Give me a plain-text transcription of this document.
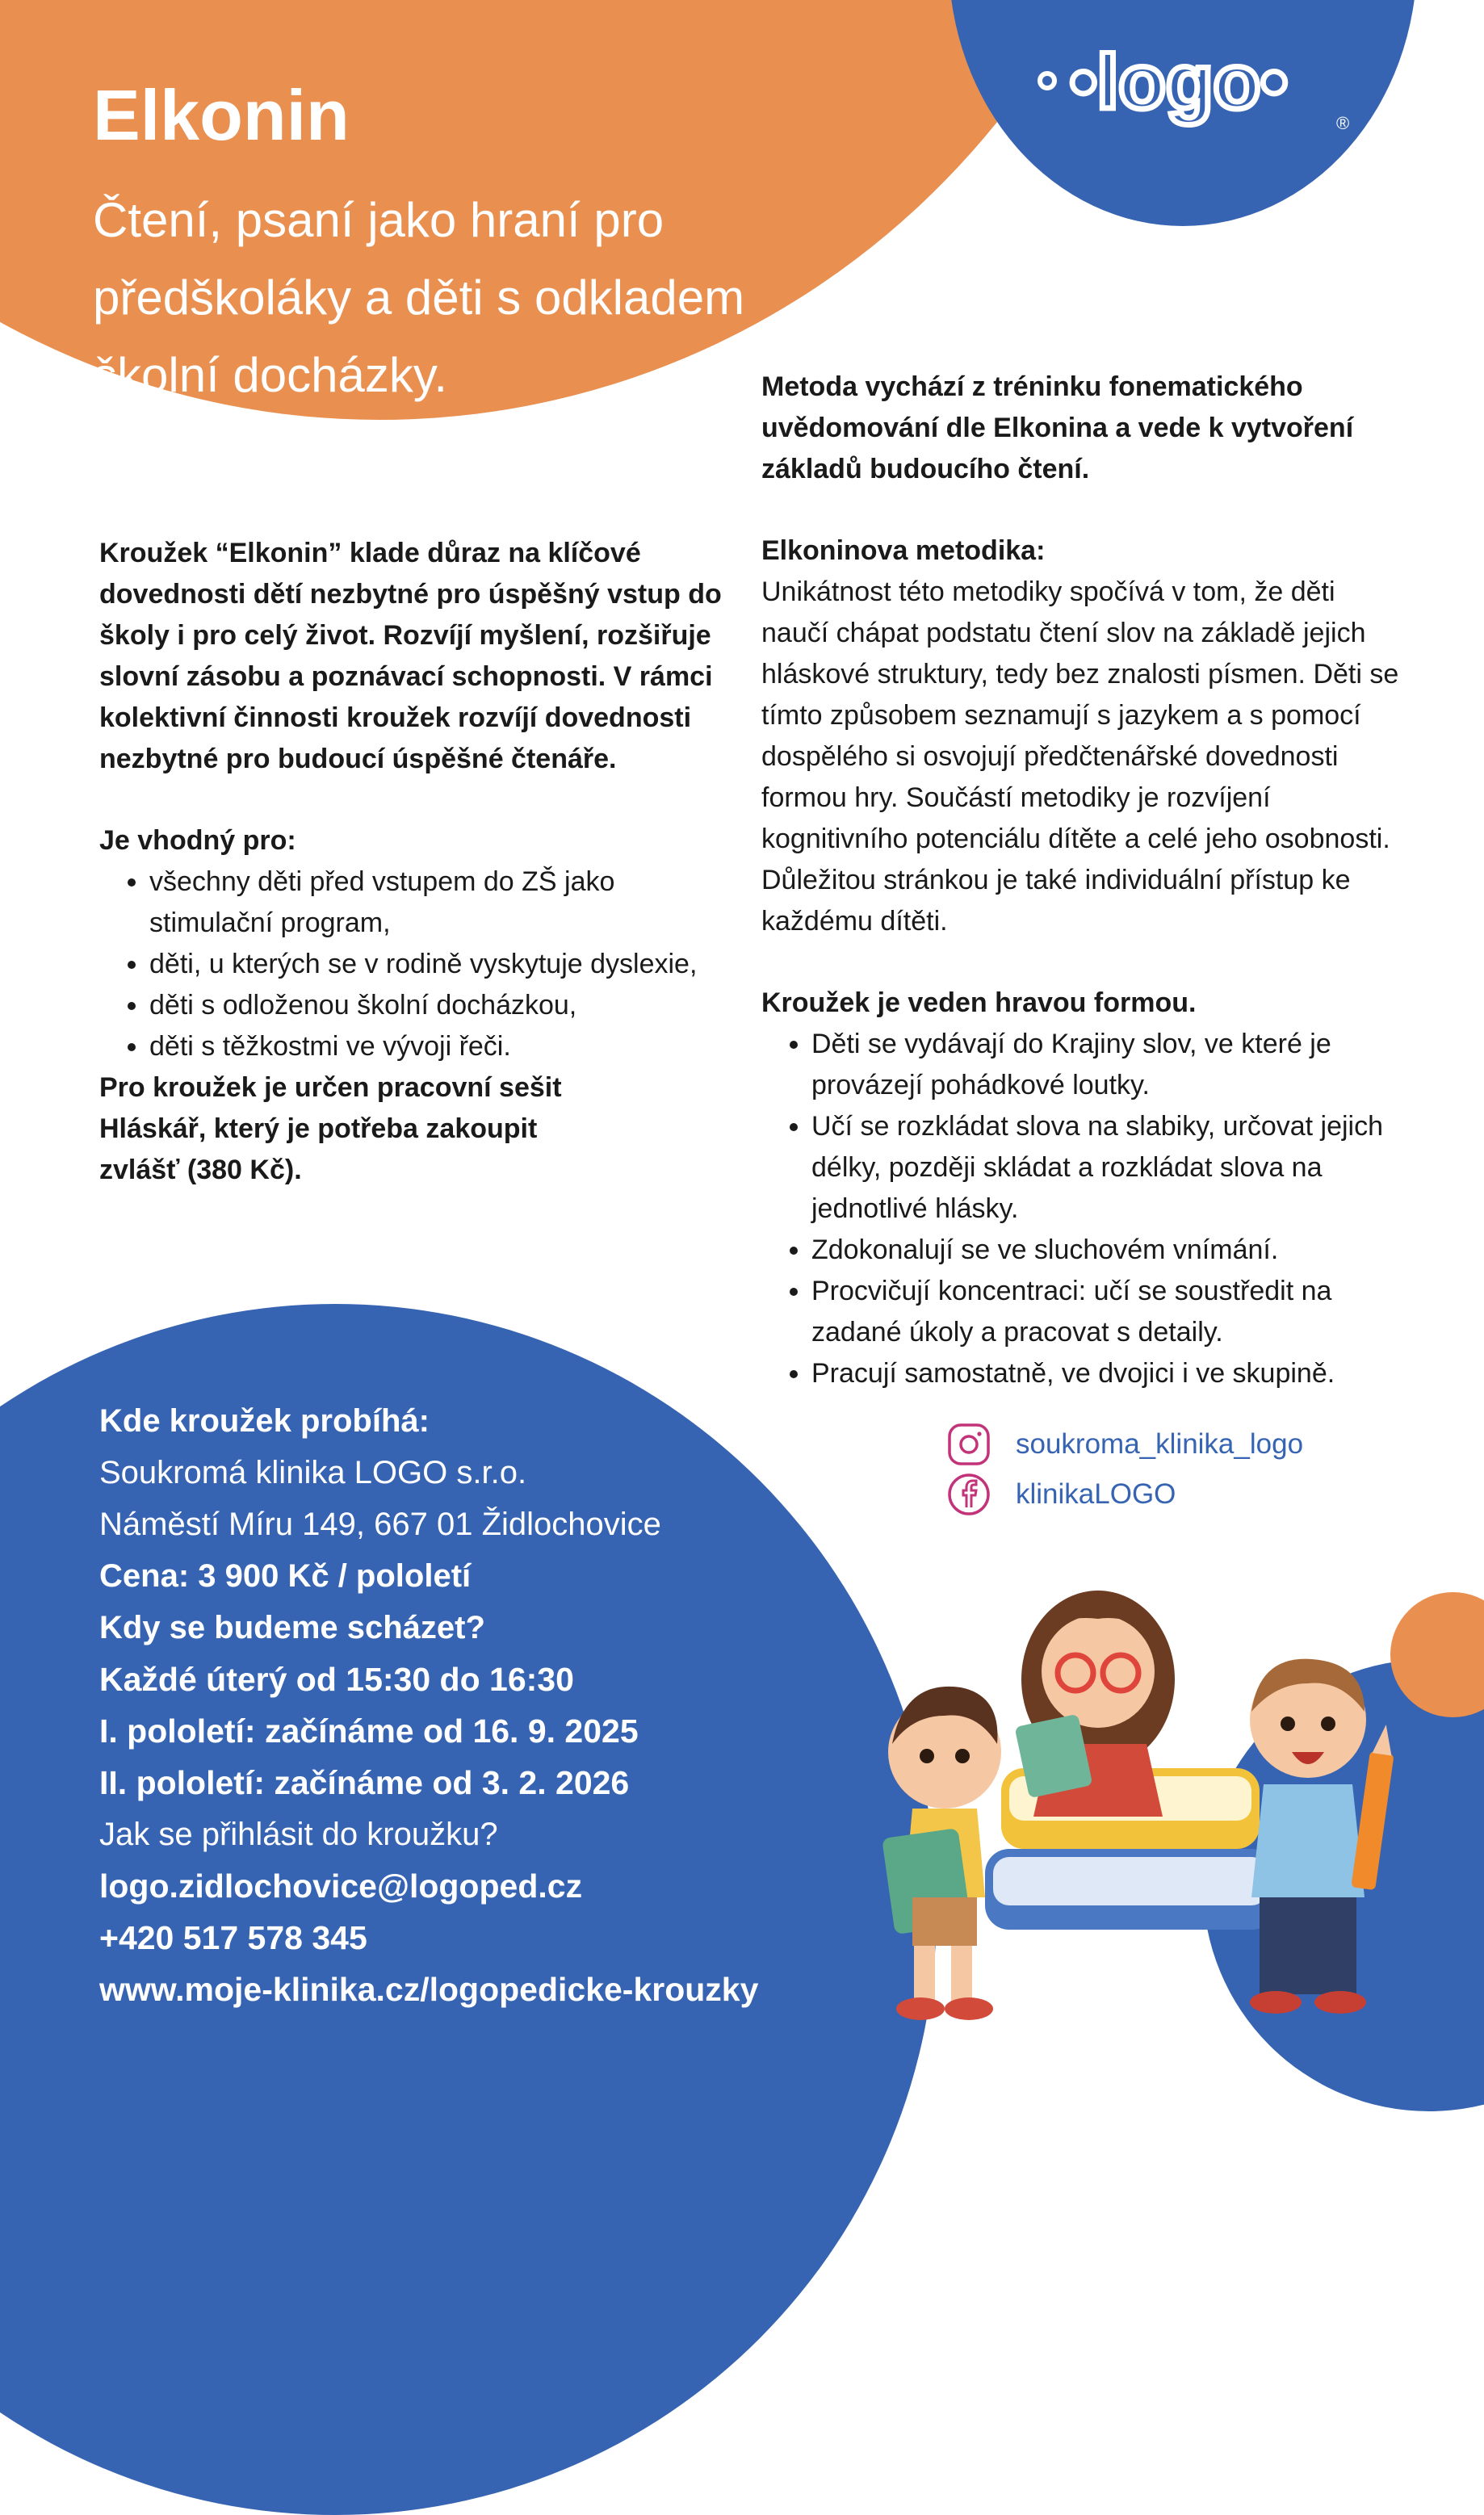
•logo•	®
Elkonin
Čtení, psaní jako hraní pro předškoláky a děti s odkladem školní docházky.
Kroužek “Elkonin” klade důraz na klíčové dovednosti dětí nezbytné pro úspěšný vstup do školy i pro celý život. Rozvíjí myšlení, rozšiřuje slovní zásobu a poznávací schopnosti. V rámci kolektivní činnosti kroužek rozvíjí dovednosti nezbytné pro budoucí úspěšné čtenáře.
Je vhodný pro:
• všechny děti před vstupem do ZŠ jako stimulační program,
• děti, u kterých se v rodině vyskytuje dyslexie,
• děti s odloženou školní docházkou,
• děti s těžkostmi ve vývoji řeči.
Pro kroužek je určen pracovní sešit Hláskář, který je potřeba zakoupit zvlášť (380 Kč).
Metoda vychází z tréninku fonematického uvědomování dle Elkonina a vede k vytvoření základů budoucího čtení.
Elkoninova metodika:
Unikátnost této metodiky spočívá v tom, že děti naučí chápat podstatu čtení slov na základě jejich hláskové struktury, tedy bez znalosti písmen. Děti se tímto způsobem seznamují s jazykem a s pomocí dospělého si osvojují předčtenářské dovednosti formou hry. Součástí metodiky je rozvíjení kognitivního potenciálu dítěte a celé jeho osobnosti. Důležitou stránkou je také individuální přístup ke každému dítěti.
Kroužek je veden hravou formou.
• Děti se vydávají do Krajiny slov, ve které je provázejí pohádkové loutky.
• Učí se rozkládat slova na slabiky, určovat jejich délky, později skládat a rozkládat slova na jednotlivé hlásky.
• Zdokonalují se ve sluchovém vnímání.
• Procvičují koncentraci: učí se soustředit na zadané úkoly a pracovat s detaily.
• Pracují samostatně, ve dvojici i ve skupině.
soukroma_klinika_logo
klinikaLOGO
Kde kroužek probíhá:
Soukromá klinika LOGO s.r.o.
Náměstí Míru 149, 667 01 Židlochovice
Cena: 3 900 Kč / pololetí
Kdy se budeme scházet?
Každé úterý od 15:30 do 16:30
I. pololetí: začínáme od 16. 9. 2025
II. pololetí: začínáme od 3. 2. 2026
Jak se přihlásit do kroužku?
logo.zidlochovice@logoped.cz
+420 517 578 345
www.moje-klinika.cz/logopedicke-krouzky
